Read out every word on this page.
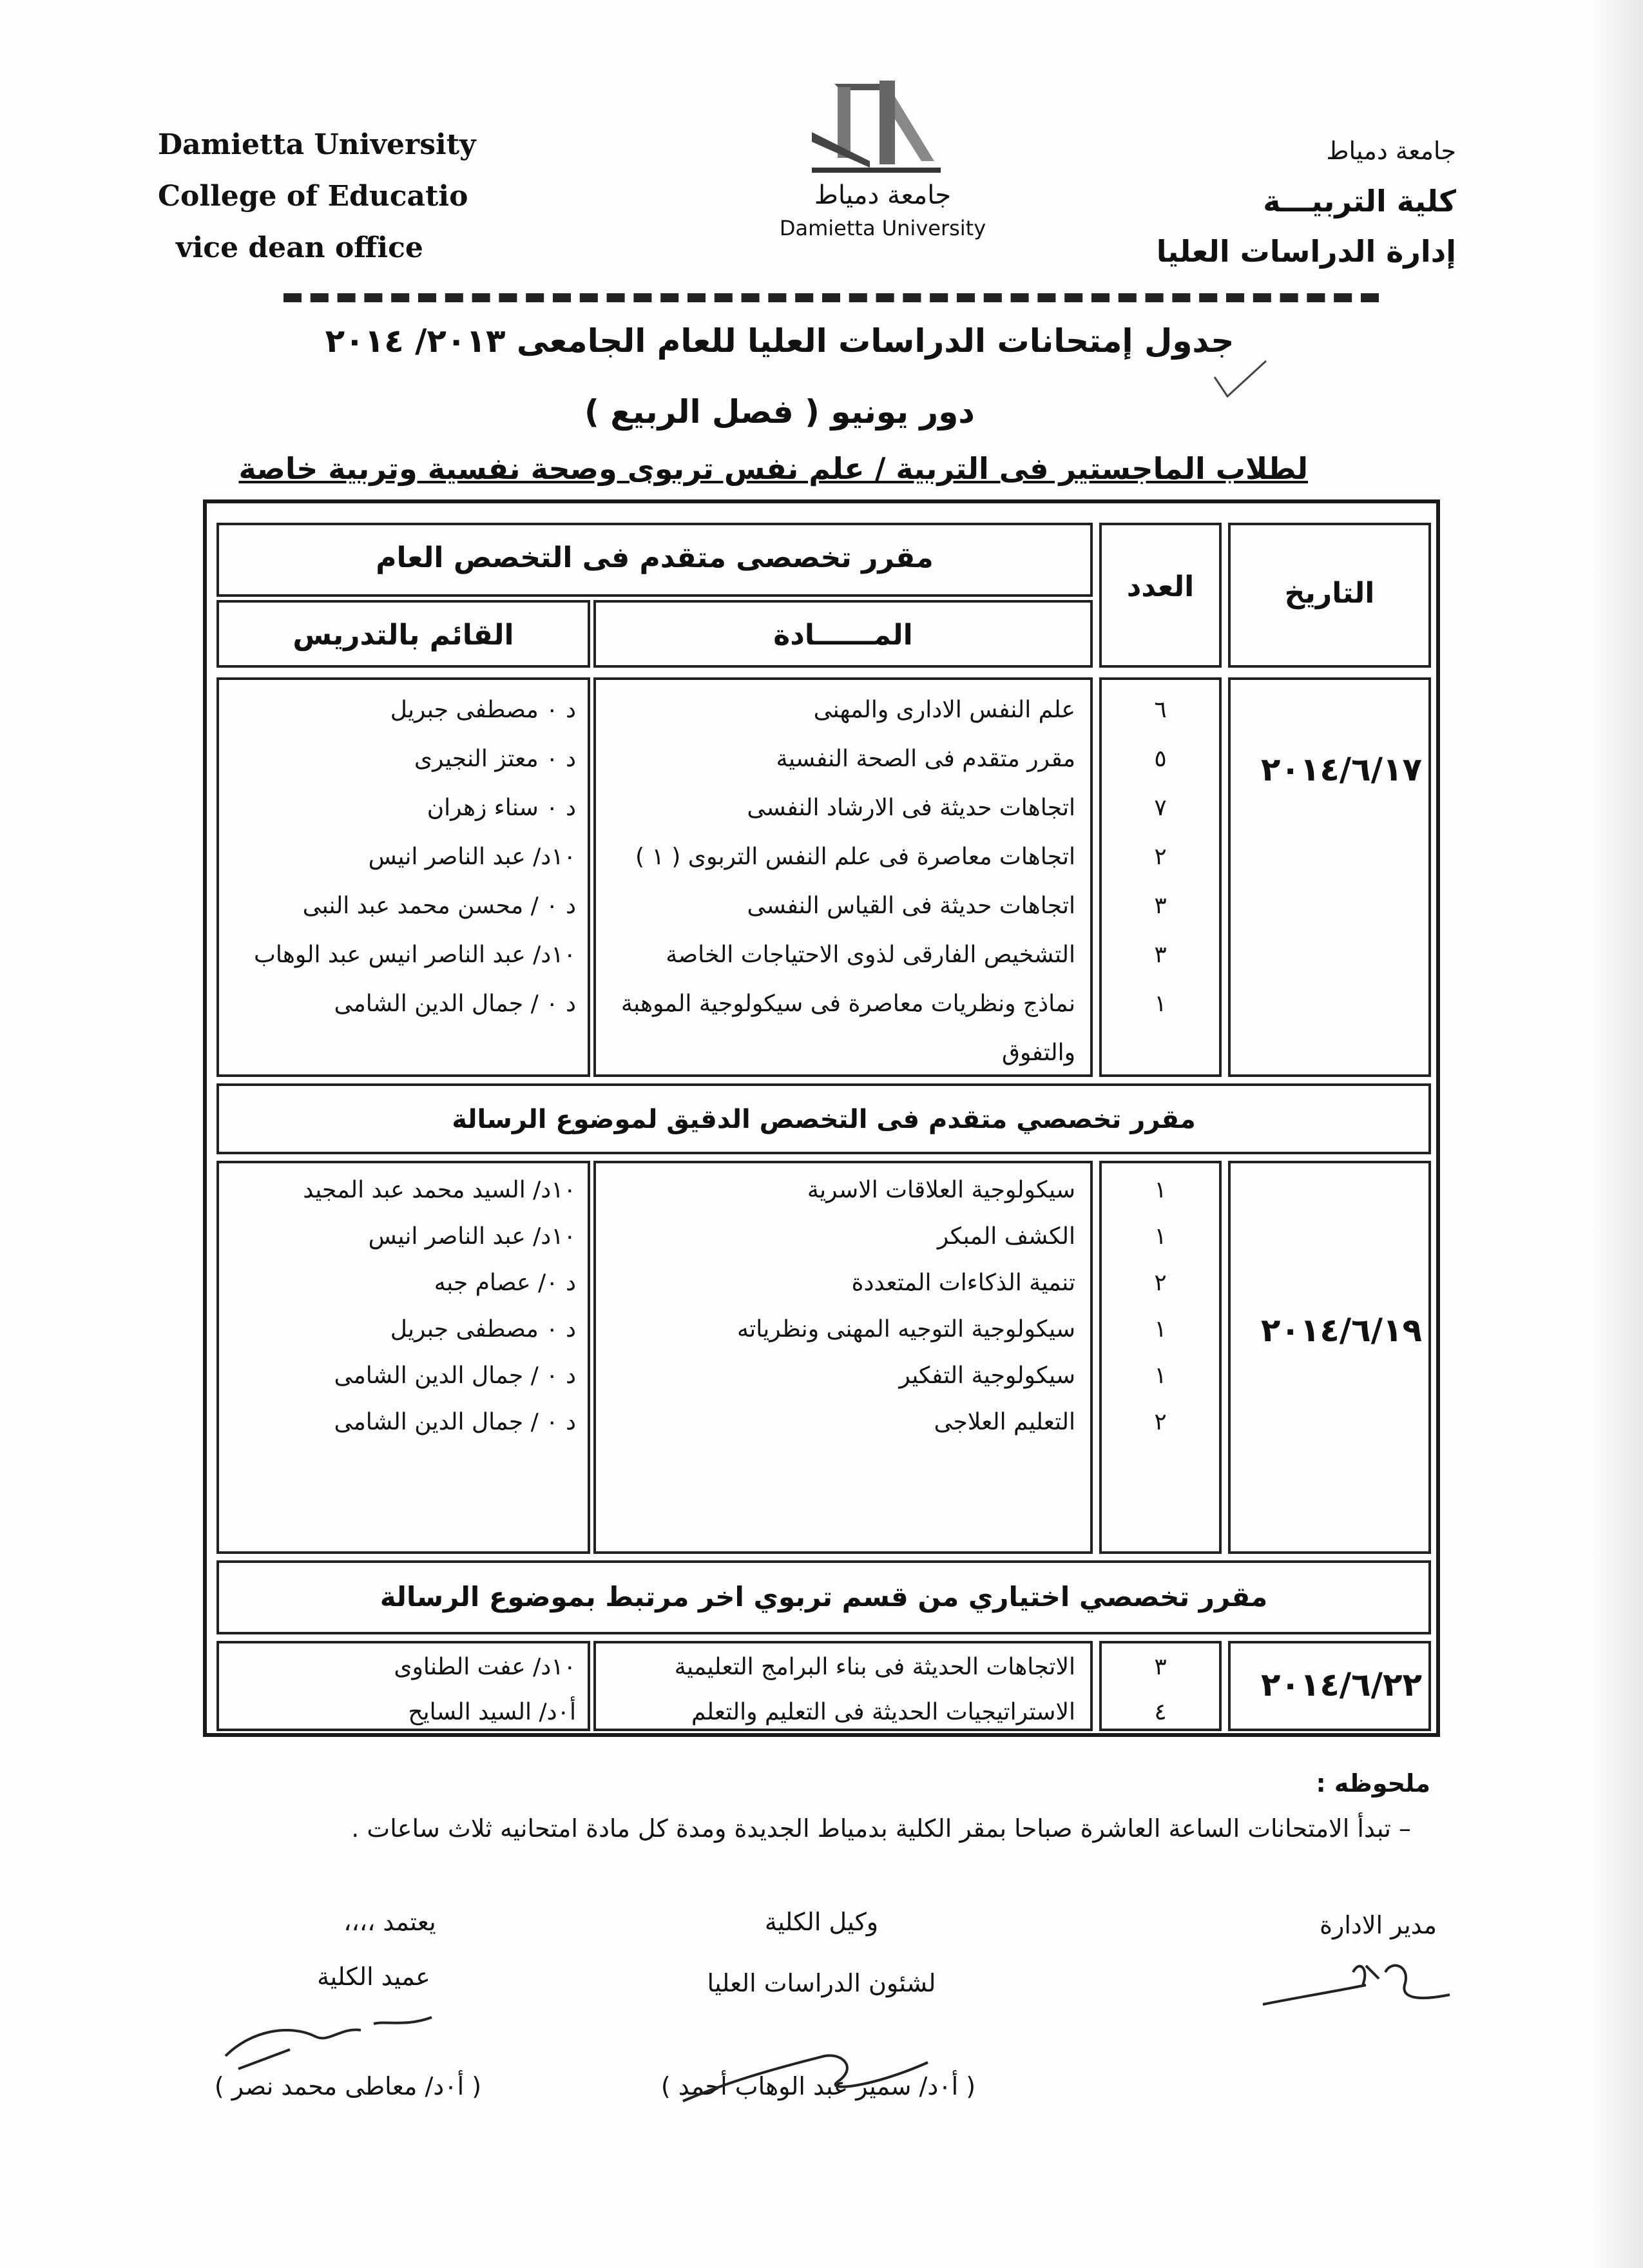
Damietta University
College of Educatio
vice dean office
جامعة دمياط
Damietta University
جامعة دمياط
كلية التربيـــة
إدارة الدراسات العليا
جدول إمتحانات الدراسات العليا للعام الجامعى ٢٠١٣/ ٢٠١٤
دور يونيو ( فصل الربيع )
لطلاب الماجستير فى التربية / علم نفس تربوى وصحة نفسية وتربية خاصة
التاريخ
العدد
مقرر تخصصى متقدم فى التخصص العام
المــــــادة
القائم بالتدريس
٢٠١٤/٦/١٧
مقرر تخصصي متقدم فى التخصص الدقيق لموضوع الرسالة
٢٠١٤/٦/١٩
مقرر تخصصي اختياري من قسم تربوي اخر مرتبط بموضوع الرسالة
٢٠١٤/٦/٢٢
٦
علم النفس الادارى والمهنى
د ٠ مصطفى جبريل
٥
مقرر متقدم فى الصحة النفسية
د ٠ معتز النجيرى
٧
اتجاهات حديثة فى الارشاد النفسى
د ٠ سناء زهران
٢
اتجاهات معاصرة فى علم النفس التربوى ( ١ )
١٠د/ عبد الناصر انيس
٣
اتجاهات حديثة فى القياس النفسى
د ٠ / محسن محمد عبد النبى
٣
التشخيص الفارقى لذوى الاحتياجات الخاصة
١٠د/ عبد الناصر انيس عبد الوهاب
١
نماذج ونظريات معاصرة فى سيكولوجية الموهبة
د ٠ / جمال الدين الشامى
والتفوق
١
سيكولوجية العلاقات الاسرية
١٠د/ السيد محمد عبد المجيد
١
الكشف المبكر
١٠د/ عبد الناصر انيس
٢
تنمية الذكاءات المتعددة
د ٠/ عصام جبه
١
سيكولوجية التوجيه المهنى ونظرياته
د ٠ مصطفى جبريل
١
سيكولوجية التفكير
د ٠ / جمال الدين الشامى
٢
التعليم العلاجى
د ٠ / جمال الدين الشامى
٣
الاتجاهات الحديثة فى بناء البرامج التعليمية
١٠د/ عفت الطناوى
٤
الاستراتيجيات الحديثة فى التعليم والتعلم
أ٠د/ السيد السايح
ملحوظه :
– تبدأ الامتحانات الساعة العاشرة صباحا بمقر الكلية بدمياط الجديدة ومدة كل مادة امتحانيه ثلاث ساعات .
مدير الادارة
وكيل الكلية
لشئون الدراسات العليا
( أ٠د/ سمير عبد الوهاب أحمد )
يعتمد ،،،،
عميد الكلية
( أ٠د/ معاطى محمد نصر )
